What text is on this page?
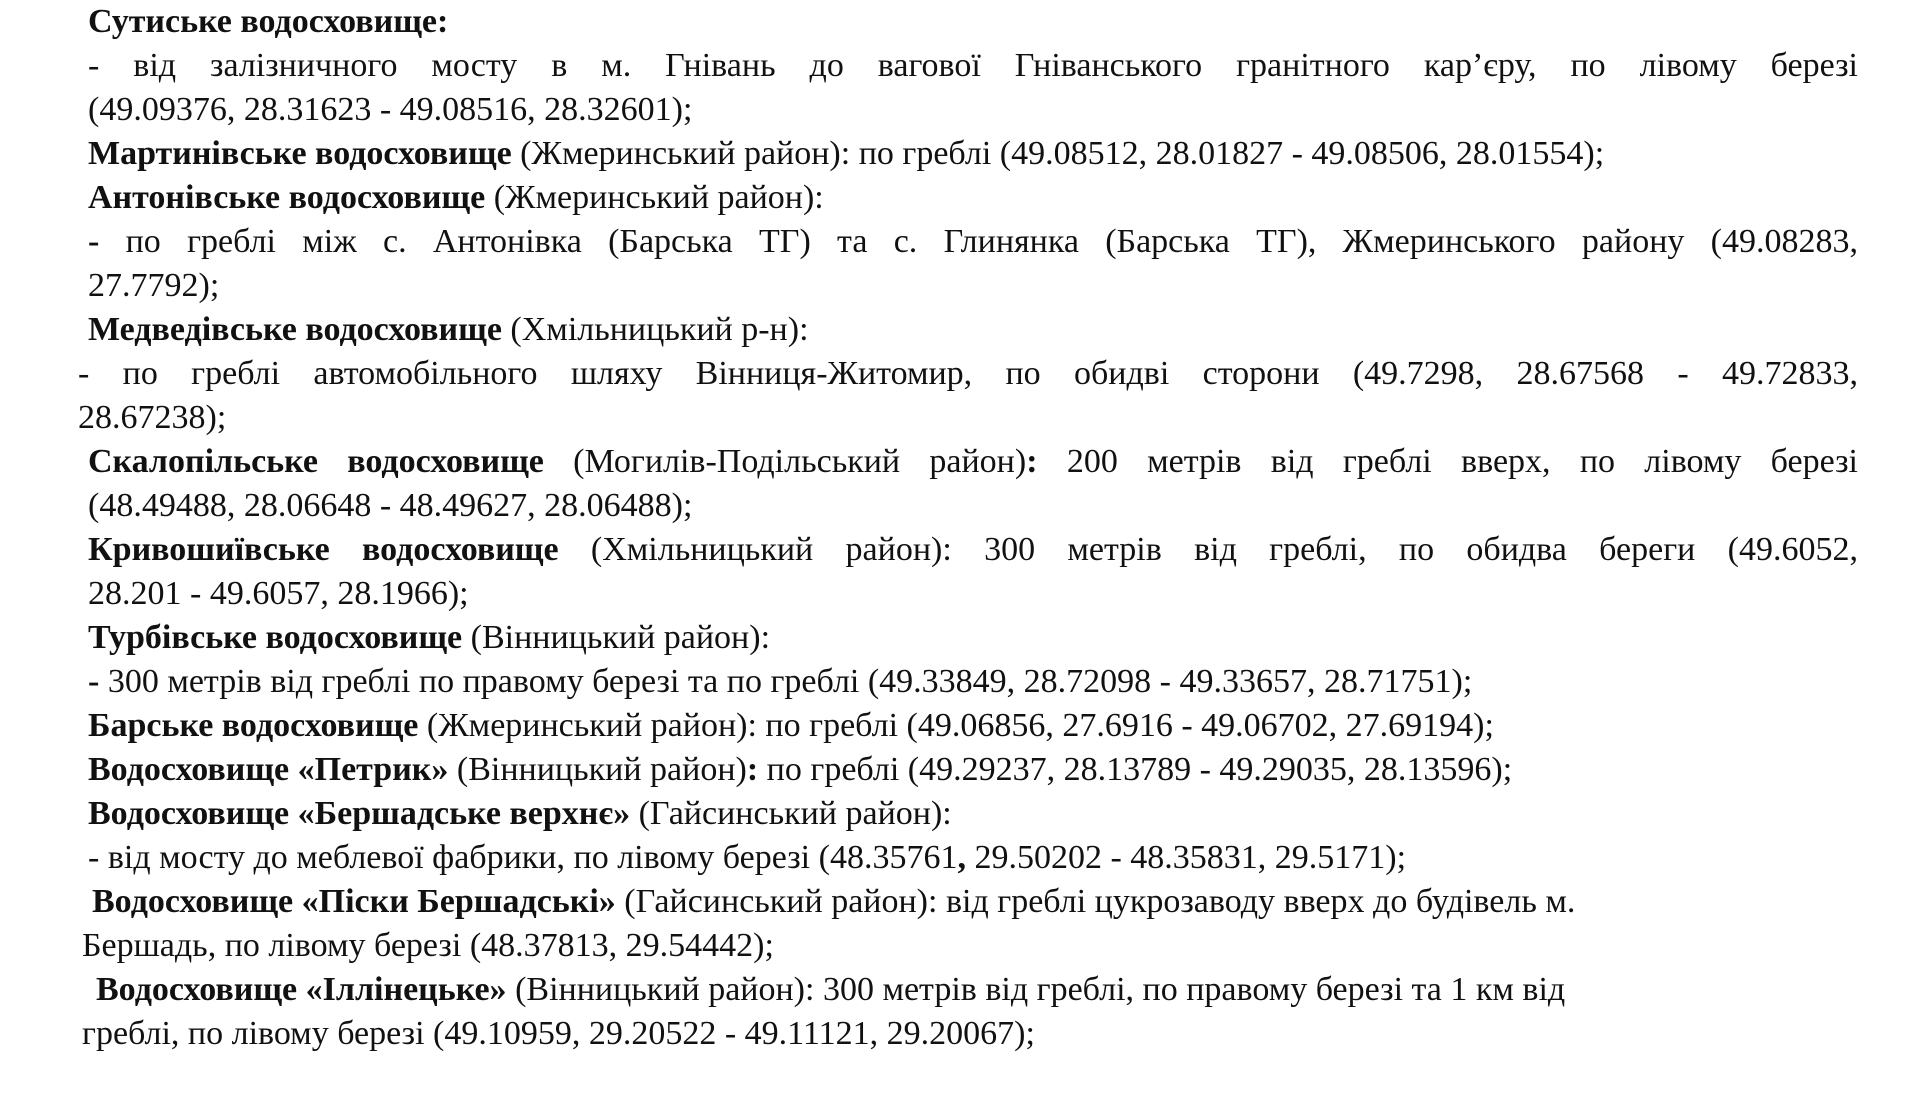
Сутиське водосховище:
- від залізничного мосту в м. Гнівань до вагової Гніванського гранітного кар’єру, по лівому березі
(49.09376, 28.31623 - 49.08516, 28.32601);
Мартинівське водосховище (Жмеринський район): по греблі (49.08512, 28.01827 - 49.08506, 28.01554);
Антонівське водосховище (Жмеринський район):
- по греблі між с. Антонівка (Барська ТГ) та с. Глинянка (Барська ТГ), Жмеринського району (49.08283,
27.7792);
Медведівське водосховище (Хмільницький р-н):
- по греблі автомобільного шляху Вінниця-Житомир, по обидві сторони (49.7298, 28.67568 - 49.72833,
28.67238);
Скалопільське водосховище (Могилів-Подільський район): 200 метрів від греблі вверх, по лівому березі
(48.49488, 28.06648 - 48.49627, 28.06488);
Кривошиївське водосховище (Хмільницький район): 300 метрів від греблі, по обидва береги (49.6052,
28.201 - 49.6057, 28.1966);
Турбівське водосховище (Вінницький район):
- 300 метрів від греблі по правому березі та по греблі (49.33849, 28.72098 - 49.33657, 28.71751);
Барське водосховище (Жмеринський район): по греблі (49.06856, 27.6916 - 49.06702, 27.69194);
Водосховище «Петрик» (Вінницький район): по греблі (49.29237, 28.13789 - 49.29035, 28.13596);
Водосховище «Бершадське верхнє» (Гайсинський район):
- від мосту до меблевої фабрики, по лівому березі (48.35761, 29.50202 - 48.35831, 29.5171);
Водосховище «Піски Бершадські» (Гайсинський район): від греблі цукрозаводу вверх до будівель м.
Бершадь, по лівому березі (48.37813, 29.54442);
Водосховище «Іллінецьке» (Вінницький район): 300 метрів від греблі, по правому березі та 1 км від
греблі, по лівому березі (49.10959, 29.20522 - 49.11121, 29.20067);
